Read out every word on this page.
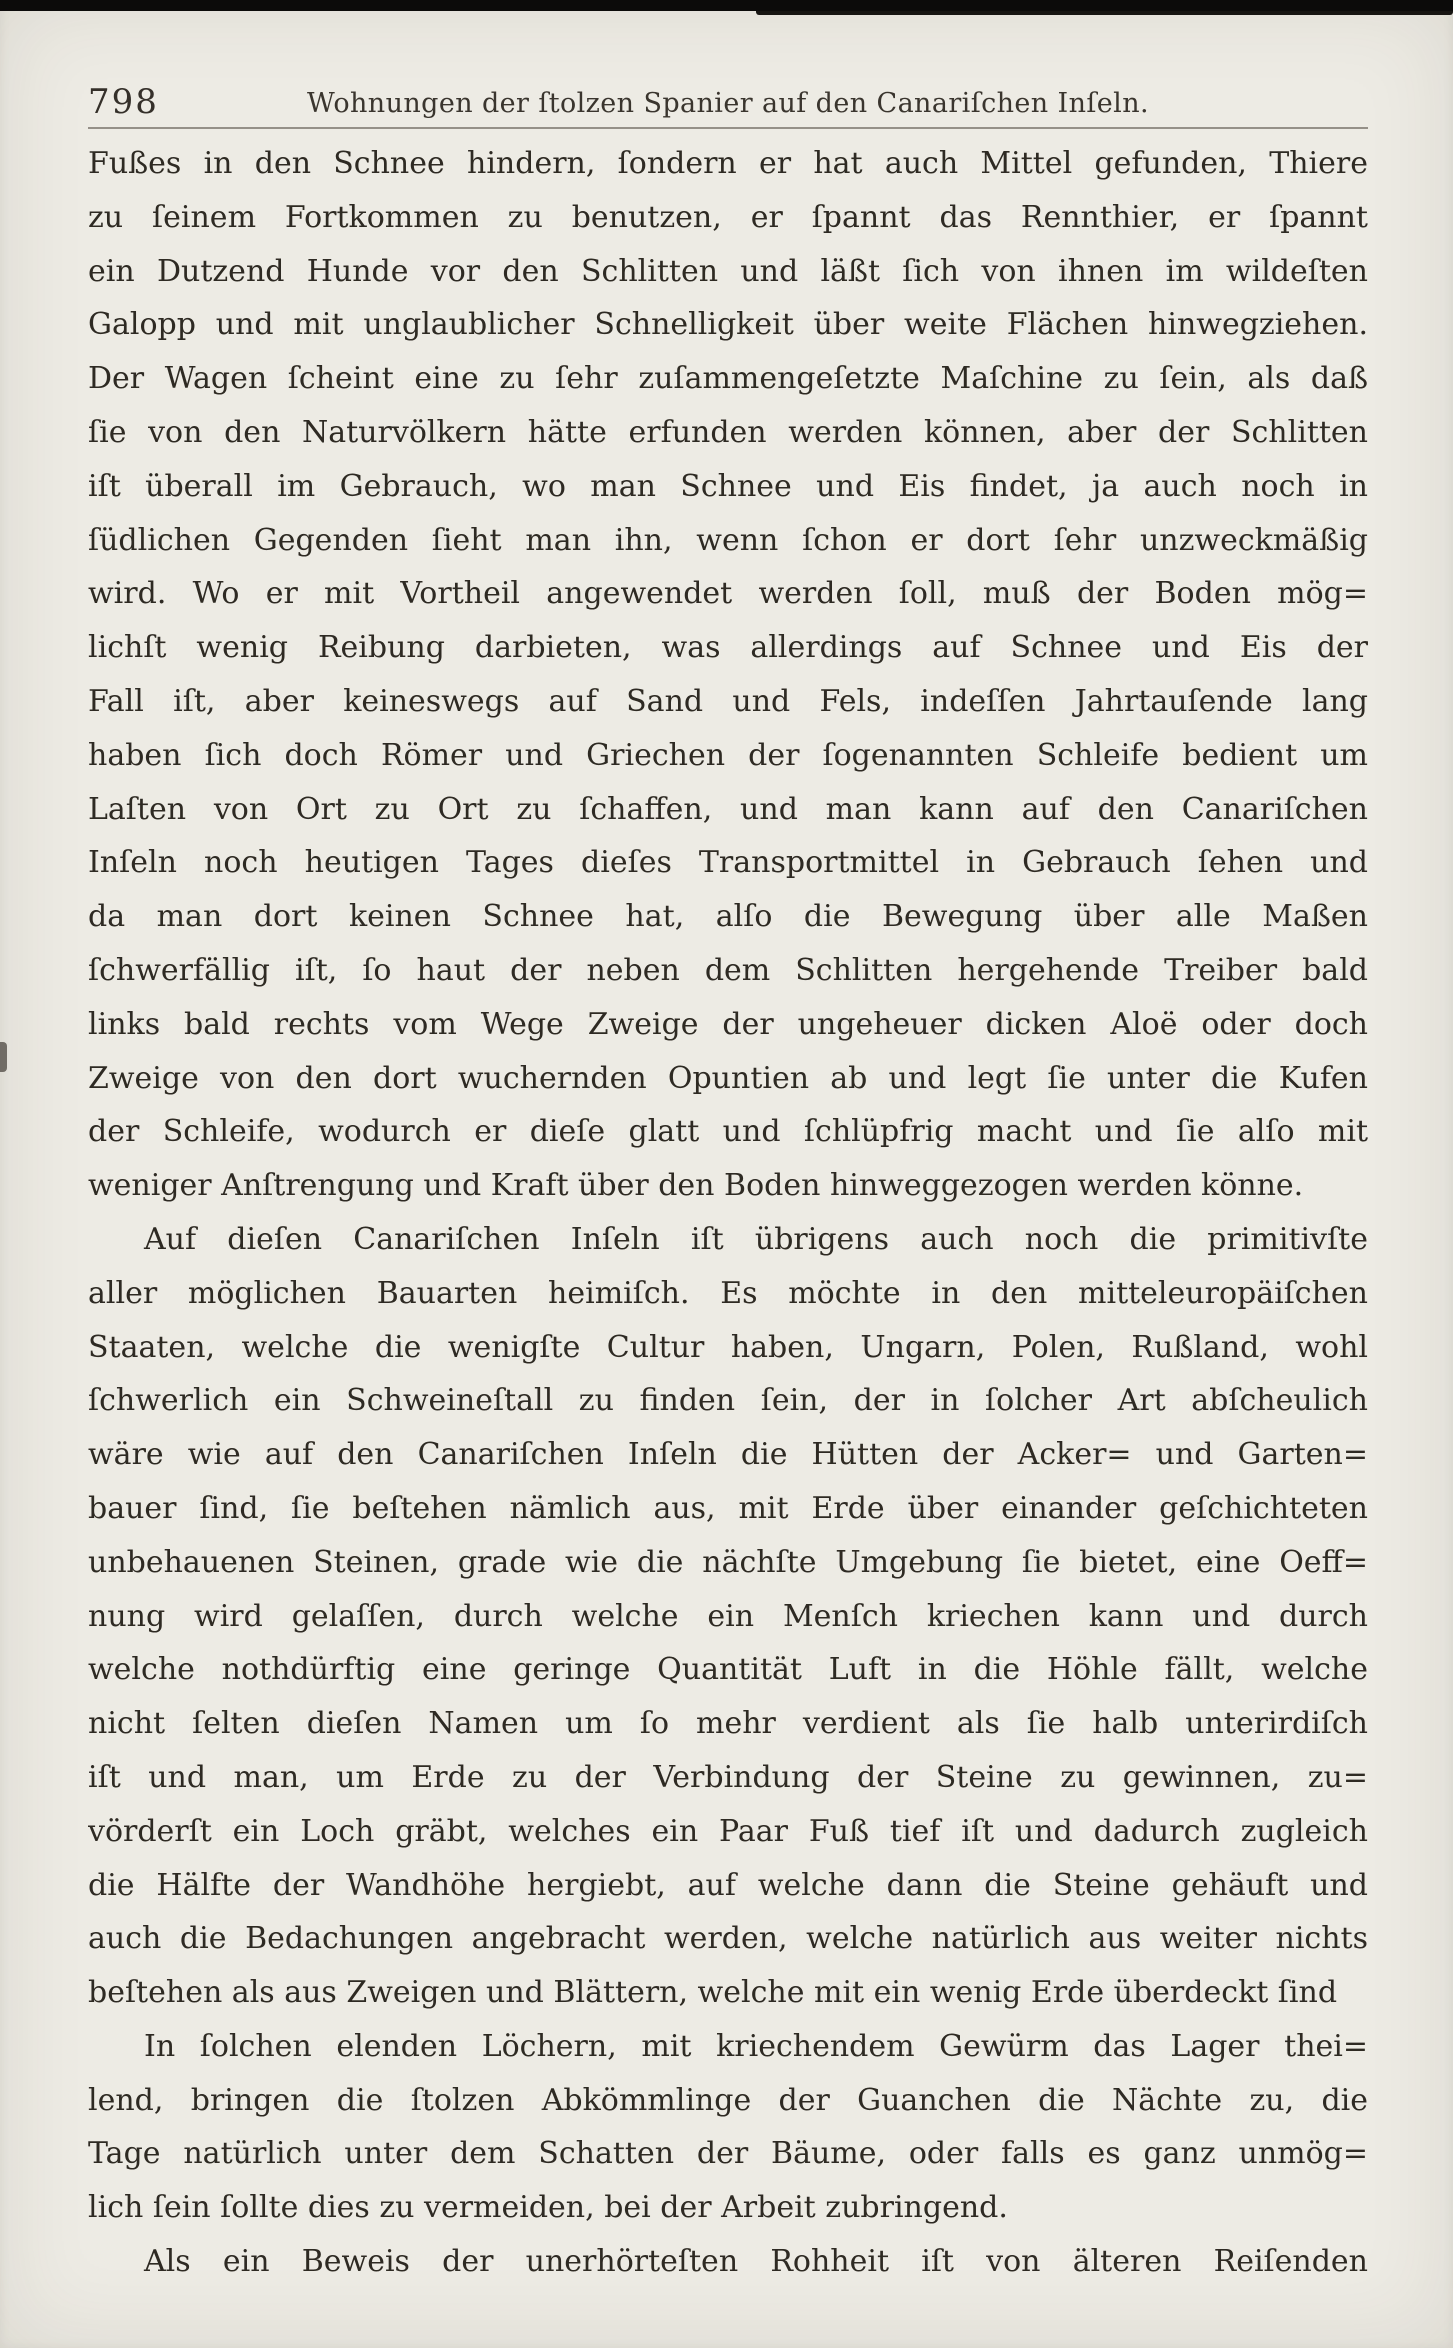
798	Wohnungen der ſtolzen Spanier auf den Canariſchen Inſeln.
Fußes in den Schnee hindern, ſondern er hat auch Mittel gefunden, Thiere
zu ſeinem Fortkommen zu benutzen, er ſpannt das Rennthier, er ſpannt
ein Dutzend Hunde vor den Schlitten und läßt ſich von ihnen im wildeſten
Galopp und mit unglaublicher Schnelligkeit über weite Flächen hinwegziehen.
Der Wagen ſcheint eine zu ſehr zuſammengeſetzte Maſchine zu ſein, als daß
ſie von den Naturvölkern hätte erfunden werden können, aber der Schlitten
iſt überall im Gebrauch, wo man Schnee und Eis findet, ja auch noch in
ſüdlichen Gegenden ſieht man ihn, wenn ſchon er dort ſehr unzweckmäßig
wird. Wo er mit Vortheil angewendet werden ſoll, muß der Boden mög=
lichſt wenig Reibung darbieten, was allerdings auf Schnee und Eis der
Fall iſt, aber keineswegs auf Sand und Fels, indeſſen Jahrtauſende lang
haben ſich doch Römer und Griechen der ſogenannten Schleife bedient um
Laſten von Ort zu Ort zu ſchaffen, und man kann auf den Canariſchen
Inſeln noch heutigen Tages dieſes Transportmittel in Gebrauch ſehen und
da man dort keinen Schnee hat, alſo die Bewegung über alle Maßen
ſchwerfällig iſt, ſo haut der neben dem Schlitten hergehende Treiber bald
links bald rechts vom Wege Zweige der ungeheuer dicken Aloë oder doch
Zweige von den dort wuchernden Opuntien ab und legt ſie unter die Kufen
der Schleife, wodurch er dieſe glatt und ſchlüpfrig macht und ſie alſo mit
weniger Anſtrengung und Kraft über den Boden hinweggezogen werden könne.
Auf dieſen Canariſchen Inſeln iſt übrigens auch noch die primitivſte
aller möglichen Bauarten heimiſch. Es möchte in den mitteleuropäiſchen
Staaten, welche die wenigſte Cultur haben, Ungarn, Polen, Rußland, wohl
ſchwerlich ein Schweineſtall zu finden ſein, der in ſolcher Art abſcheulich
wäre wie auf den Canariſchen Inſeln die Hütten der Acker= und Garten=
bauer ſind, ſie beſtehen nämlich aus, mit Erde über einander geſchichteten
unbehauenen Steinen, grade wie die nächſte Umgebung ſie bietet, eine Oeff=
nung wird gelaſſen, durch welche ein Menſch kriechen kann und durch
welche nothdürftig eine geringe Quantität Luft in die Höhle fällt, welche
nicht ſelten dieſen Namen um ſo mehr verdient als ſie halb unterirdiſch
iſt und man, um Erde zu der Verbindung der Steine zu gewinnen, zu=
vörderſt ein Loch gräbt, welches ein Paar Fuß tief iſt und dadurch zugleich
die Hälfte der Wandhöhe hergiebt, auf welche dann die Steine gehäuft und
auch die Bedachungen angebracht werden, welche natürlich aus weiter nichts
beſtehen als aus Zweigen und Blättern, welche mit ein wenig Erde überdeckt ſind
In ſolchen elenden Löchern, mit kriechendem Gewürm das Lager thei=
lend, bringen die ſtolzen Abkömmlinge der Guanchen die Nächte zu, die
Tage natürlich unter dem Schatten der Bäume, oder falls es ganz unmög=
lich ſein ſollte dies zu vermeiden, bei der Arbeit zubringend.
Als ein Beweis der unerhörteſten Rohheit iſt von älteren Reiſenden
